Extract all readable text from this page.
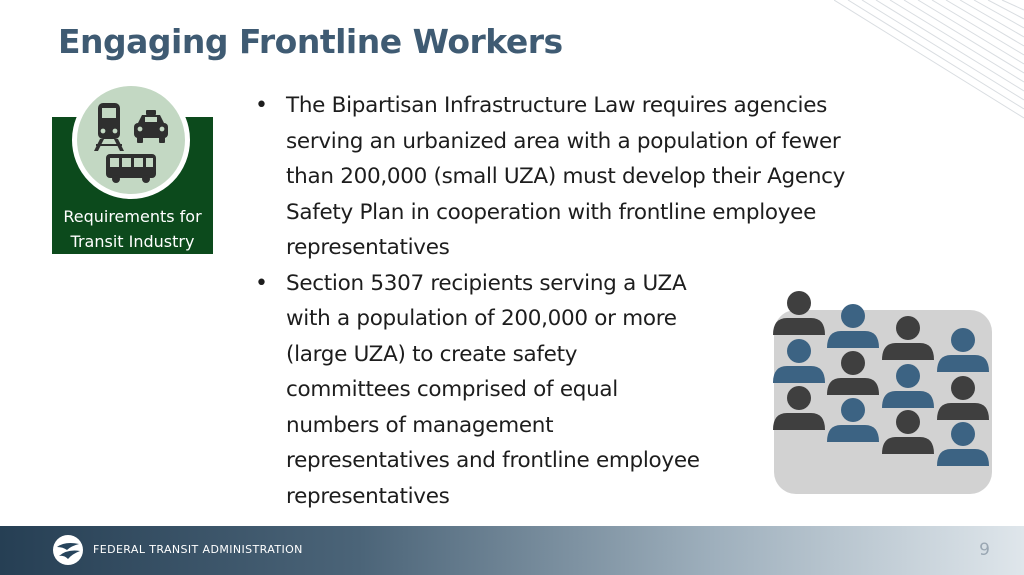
Engaging Frontline Workers
Requirements for
Transit Industry
• The Bipartisan Infrastructure Law requires agencies
serving an urbanized area with a population of fewer
than 200,000 (small UZA) must develop their Agency
Safety Plan in cooperation with frontline employee
representatives
• Section 5307 recipients serving a UZA
with a population of 200,000 or more
(large UZA) to create safety
committees comprised of equal
numbers of management
representatives and frontline employee
representatives
FEDERAL TRANSIT ADMINISTRATION	9
